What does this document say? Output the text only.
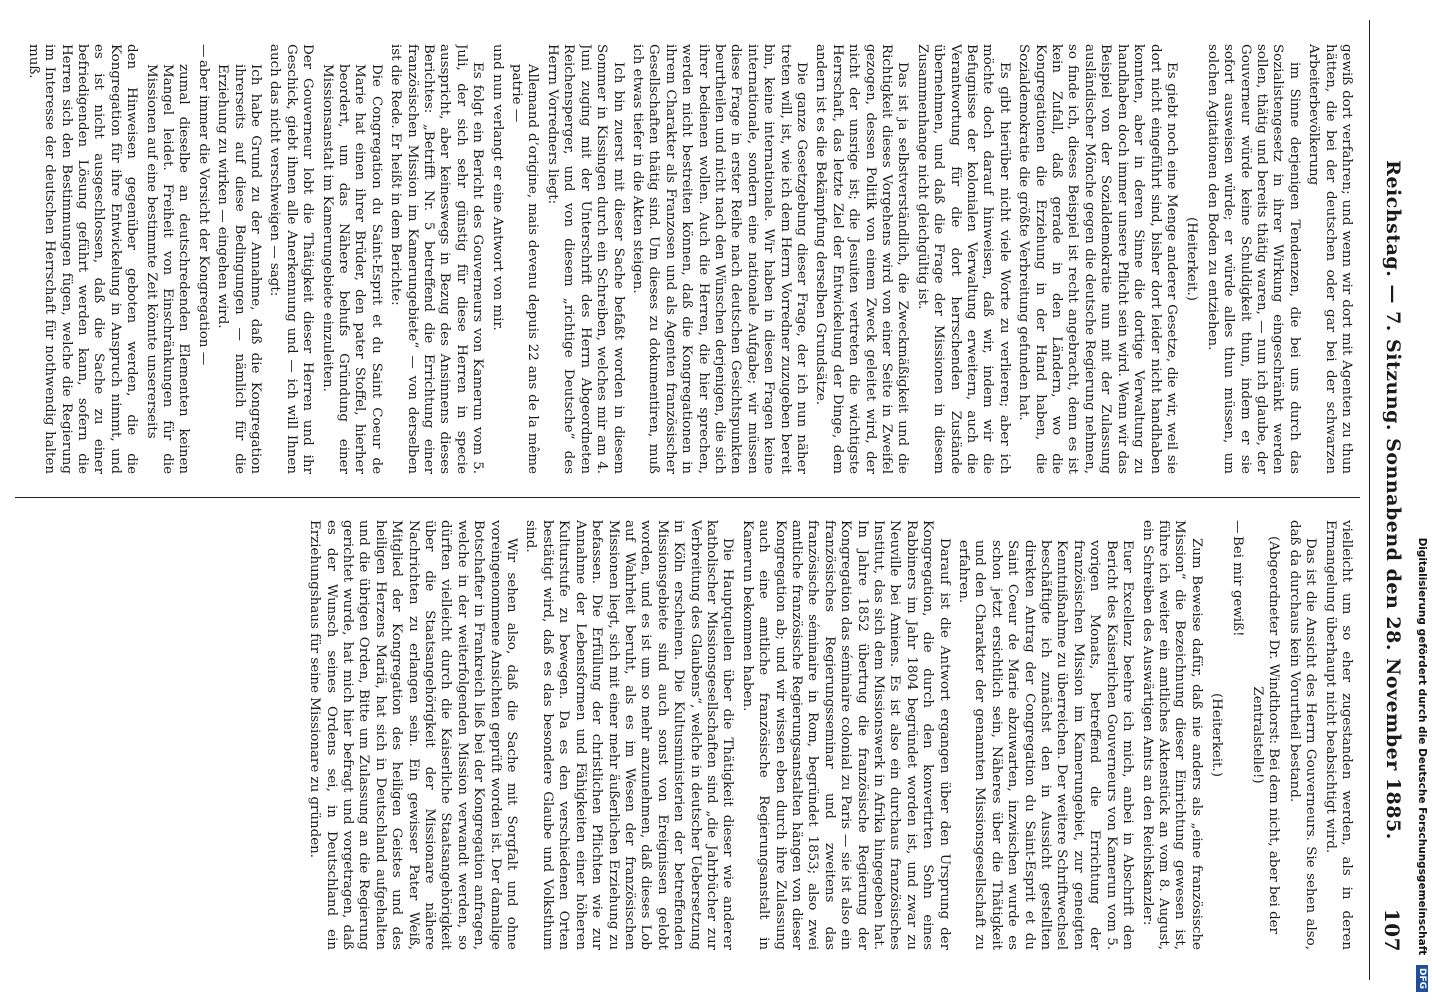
Reichstag. — 7. Sitzung. Sonnabend den 28. November 1885.
107

gewiß dort verfahren; und wenn wir dort mit Agenten zu thun hätten, die bei der deutschen oder gar bei der schwarzen Arbeiterbevölkerung

im Sinne derjenigen Tendenzen, die bei uns durch das Sozialistengesetz in ihrer Wirkung eingeschränkt werden sollen, thätig und bereits thätig waren, — nun ich glaube, der Gouverneur würde keine Schuldigkeit thun, indem er sie sofort ausweisen würde; er würde alles thun müssen, um solchen Agitationen den Boden zu entziehen.

(Heiterkeit.)

Es giebt noch eine Menge anderer Gesetze, die wir, weil sie dort nicht eingeführt sind, bisher dort leider nicht handhaben konnten, aber in deren Sinne die dortige Verwaltung zu handhaben doch immer unsere Pflicht sein wird. Wenn wir das Beispiel von der Sozialdemokratie nun mit der Zulassung ausländischer Mönche gegen die deutsche Regierung nehmen, so finde ich, dieses Beispiel ist recht angebracht, denn es ist kein Zufall, daß gerade in den Ländern, wo die Kongregationen die Erziehung in der Hand haben, die Sozialdemokratie die größte Verbreitung gefunden hat.

Es gibt hierüber nicht viele Worte zu verlieren; aber ich möchte doch darauf hinweisen, daß wir, indem wir die Befugnisse der kolonialen Verwaltung erweitern, auch die Verantwortung für die dort herrschenden Zustände übernehmen, und daß die Frage der Missionen in diesem Zusammenhange nicht gleichgültig ist.

Das ist ja selbstverständlich, die Zweckmäßigkeit und die Richtigkeit dieses Vorgehens wird von einer Seite in Zweifel gezogen, dessen Politik von einem Zweck geleitet wird, der nicht der unsrige ist; die Jesuiten vertreten die wichtigste Herrschaft, das letzte Ziel der Entwickelung der Dinge, dem andern ist es die Bekämpfung derselben Grundsätze.

Die ganze Gesetzgebung dieser Frage, der ich nun näher treten will, ist, wie ich dem Herrn Vorredner zuzugeben bereit bin, keine internationale. Wir haben in diesen Fragen keine internationale, sondern eine nationale Aufgabe; wir müssen diese Frage in erster Reihe nach deutschen Gesichtspunkten beurtheilen und nicht nach den Wünschen derjenigen, die sich ihrer bedienen wollen. Auch die Herren, die hier sprechen, werden nicht bestreiten können, daß die Kongregationen in ihrem Charakter als Franzosen und als Agenten französischer Gesellschaften thätig sind. Um dieses zu dokumentiren, muß ich etwas tiefer in die Akten steigen.

Ich bin zuerst mit dieser Sache befaßt worden in diesem Sommer in Kissingen durch ein Schreiben, welches mir am 4. Juni zuging mit der Unterschrift des Herrn Abgeordneten Reichensperger, und von diesem „richtige Deutsche“ des Herrn Vorredners liegt:

Allemand d’origine, mais devenu depuis 22 ans de la même patrie —

und nun verlangt er eine Antwort von mir.

Es folgt ein Bericht des Gouverneurs von Kamerun vom 5. Juli, der sich sehr günstig für diese Herren in specie ausspricht, aber keineswegs in Bezug des Ansinnens dieses Berichtes: „Betrifft Nr. 5 betreffend die Errichtung einer französischen Mission im Kamerungebiete“ — von derselben ist die Rede. Er heißt in dem Berichte:

Die Congregation du Saint-Esprit et du Saint Coeur de Marie hat einen ihrer Brüder, den pater Stoffel, hierher beordert, um das Nähere behufs Gründung einer Missionsanstalt im Kamerungebiete einzuleiten.

Der Gouverneur lobt die Thätigkeit dieser Herren und ihr Geschick, giebt ihnen alle Anerkennung und — ich will Ihnen auch das nicht verschweigen — sagt:

Ich habe Grund zu der Annahme, daß die Kongregation ihrerseits auf diese Bedingungen — nämlich für die Erziehung zu wirken — eingehen wird.

— aber immer die Vorsicht der Kongregation —

zumal dieselbe an deutschredenden Elementen keinen Mangel leidet. Freiheit von Einschränkungen für die Missionen auf eine bestimmte Zeit könnte unsererseits

den Hinweisen gegenüber geboten werden, die die Kongregation für ihre Entwickelung in Anspruch nimmt, und es ist nicht ausgeschlossen, daß die Sache zu einer befriedigenden Lösung geführt werden kann, sofern die Herren sich den Bestimmungen fügen, welche die Regierung im Interesse der deutschen Herrschaft für nothwendig halten muß.

vielleicht um so eher zugestanden werden, als in deren Ermangelung überhaupt nicht beabsichtigt wird.

Das ist die Ansicht des Herrn Gouverneurs. Sie sehen also, daß da durchaus kein Vorurtheil bestand.

(Abgeordneter Dr. Windthorst: Bei dem nicht, aber bei der Zentralstelle!)

— Bei mir gewiß!

(Heiterkeit.)

Zum Beweise dafür, daß nie anders als „eine französische Mission“ die Bezeichnung dieser Einrichtung gewesen ist, führe ich weiter ein amtliches Aktenstück an vom 8. August, ein Schreiben des Auswärtigen Amts an den Reichskanzler:

Euer Excellenz beehre ich mich, anbei in Abschrift den Bericht des Kaiserlichen Gouverneurs von Kamerun vom 5. vorigen Monats, betreffend die Errichtung der französischen Mission im Kamerungebiet, zur geneigten Kenntnißnahme zu überreichen. Der weitere Schriftwechsel beschäftigte ich zunächst den in Aussicht gestellten direkten Antrag der Congregation du Saint-Esprit et du Saint Coeur de Marie abzuwarten, inzwischen wurde es schon jetzt ersichtlich sein, Näheres über die Thätigkeit und den Charakter der genannten Missionsgesellschaft zu erfahren.

Darauf ist die Antwort ergangen über den Ursprung der Kongregation, die durch den konvertirten Sohn eines Rabbiners im Jahr 1804 begründet worden ist, und zwar zu Neuville bei Amiens. Es ist also ein durchaus französisches Institut, das sich dem Missionswerk in Afrika hingegeben hat. Im Jahre 1852 übertrug die französische Regierung der Kongregation das séminaire colonial zu Paris — sie ist also ein französisches Regierungsseminar und zweitens das französische séminaire in Rom, begründet 1853; also zwei amtliche französische Regierungsanstalten hängen von dieser Kongregation ab; und wir wissen eben durch ihre Zulassung auch eine amtliche französische Regierungsanstalt in Kamerun bekommen haben.

Die Hauptquellen über die Thätigkeit dieser wie anderer katholischer Missionsgesellschaften sind „die Jahrbücher zur Verbreitung des Glaubens“, welche in deutscher Uebersetzung in Köln erscheinen. Die Kultusministerien der betreffenden Missionsgebiete sind auch sonst von Ereignissen gelobt worden, und es ist um so mehr anzunehmen, daß dieses Lob auf Wahrheit beruht, als es im Wesen der französischen Missionen liegt, sich mit einer mehr äußerlichen Erziehung zu befassen. Die Erfüllung der christlichen Pflichten wie zur Annahme der Lebensformen und Fähigkeiten einer höheren Kulturstufe zu bewegen. Da es den verschiedenen Orten bestätigt wird, daß es das besondere Glaube und Volksthum sind.

Wir sehen also, daß die Sache mit Sorgfalt und ohne voreingenommene Ansichten geprüft worden ist. Der damalige Botschafter in Frankreich ließ bei der Kongregation anfragen, welche in der weiterfolgenden Mission verwandt werden, so dürften vielleicht durch die Kaiserliche Staatsangehörigkeit über die Staatsangehörigkeit der Missionare nähere Nachrichten zu erlangen sein. Ein gewisser Pater Weiß, Mitglied der Kongregation des heiligen Geistes und des heiligen Herzens Mariä, hat sich in Deutschland aufgehalten und die übrigen Orden, Bitte um Zulassung an die Regierung gerichtet wurde, hat mich hier befragt und vorgetragen, daß es der Wunsch seines Ordens sei, in Deutschland ein Erziehungshaus für seine Missionare zu gründen.	Digitalisierung gefördert durch die Deutsche Forschungsgemeinschaft DFG
